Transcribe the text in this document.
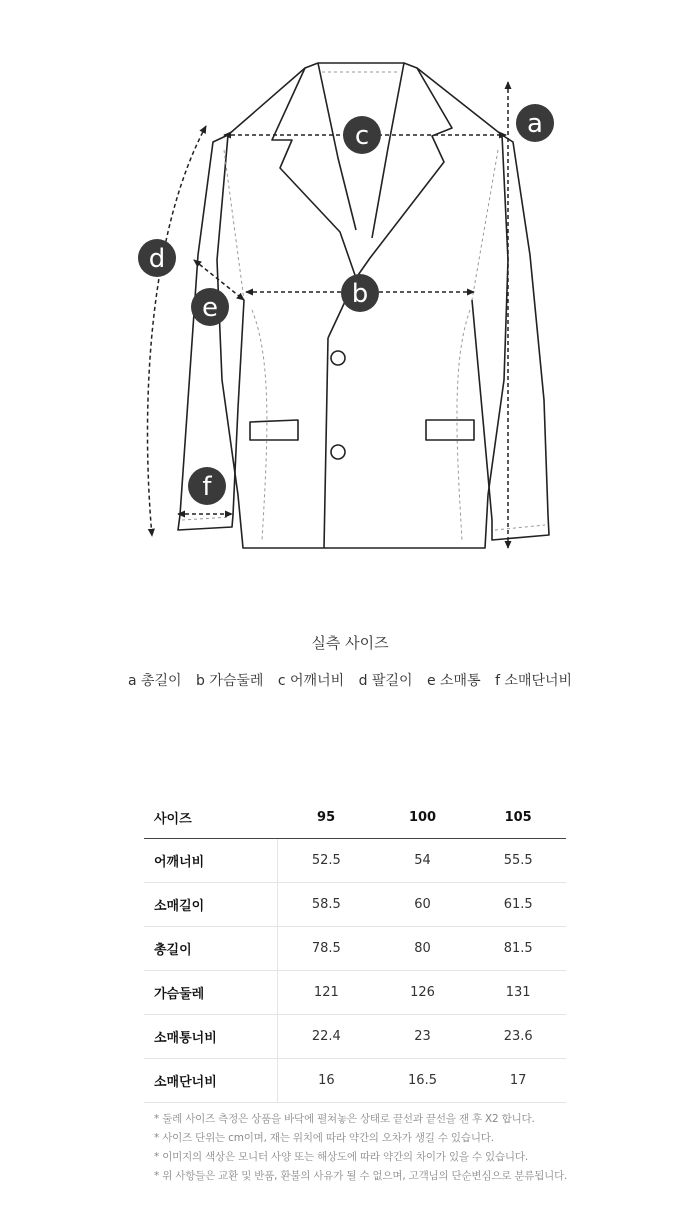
a
c
b
d
e
f
실측 사이즈
a 총길이 b 가슴둘레 c 어깨너비 d 팔길이 e 소매통 f 소매단너비
사이즈	95	100	105
어깨너비	52.5	54	55.5
소매길이	58.5	60	61.5
총길이	78.5	80	81.5
가슴둘레	121	126	131
소매통너비	22.4	23	23.6
소매단너비	16	16.5	17
* 둘레 사이즈 측정은 상품을 바닥에 펼쳐놓은 상태로 끝선과 끝선을 잰 후 X2 합니다.
* 사이즈 단위는 cm이며, 재는 위치에 따라 약간의 오차가 생길 수 있습니다.
* 이미지의 색상은 모니터 사양 또는 해상도에 따라 약간의 차이가 있을 수 있습니다.
* 위 사항들은 교환 및 반품, 환불의 사유가 될 수 없으며, 고객님의 단순변심으로 분류됩니다.
